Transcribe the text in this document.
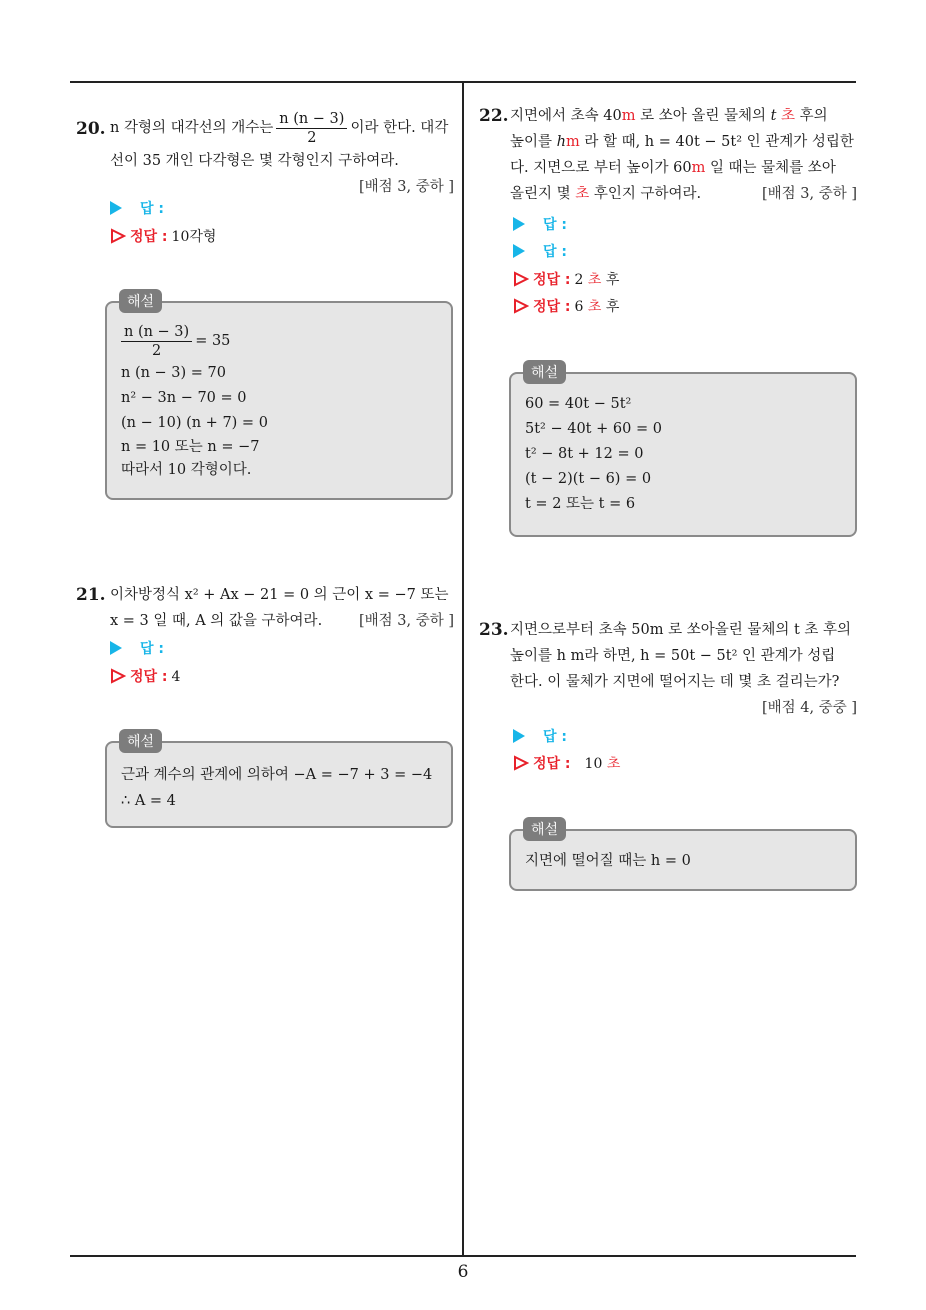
20. n 각형의 대각선의 개수는 $\frac{n (n - 3)}{2}$ 이라 한다. 대각
선이 35 개인 다각형은 몇 각형인지 구하여라.
[배점 3, 중하 ]
답 :
정답 : 10각형
해설
$\frac{n (n - 3)}{2} = 35$
n (n − 3) = 70
n² − 3n − 70 = 0
(n − 10) (n + 7) = 0
n = 10 또는 n = −7
따라서 10 각형이다.
21. 이차방정식 x² + Ax − 21 = 0 의 근이 x = −7 또는
x = 3 일 때, A 의 값을 구하여라.	[배점 3, 중하 ]
답 :
정답 : 4
해설
근과 계수의 관계에 의하여 −A = −7 + 3 = −4
∴ A = 4
22. 지면에서 초속 40m 로 쏘아 올린 물체의 t 초 후의
높이를 hm 라 할 때, h = 40t − 5t² 인 관계가 성립한
다. 지면으로 부터 높이가 60m 일 때는 물체를 쏘아
올린지 몇 초 후인지 구하여라.	[배점 3, 중하 ]
답 :
답 :
정답 : 2 초 후
정답 : 6 초 후
해설
60 = 40t − 5t²
5t² − 40t + 60 = 0
t² − 8t + 12 = 0
(t − 2)(t − 6) = 0
t = 2 또는 t = 6
23. 지면으로부터 초속 50m 로 쏘아올린 물체의 t 초 후의
높이를 h m라 하면, h = 50t − 5t² 인 관계가 성립
한다. 이 물체가 지면에 떨어지는 데 몇 초 걸리는가?
[배점 4, 중중 ]
답 :
정답 : 10 초
해설
지면에 떨어질 때는 h = 0
6
